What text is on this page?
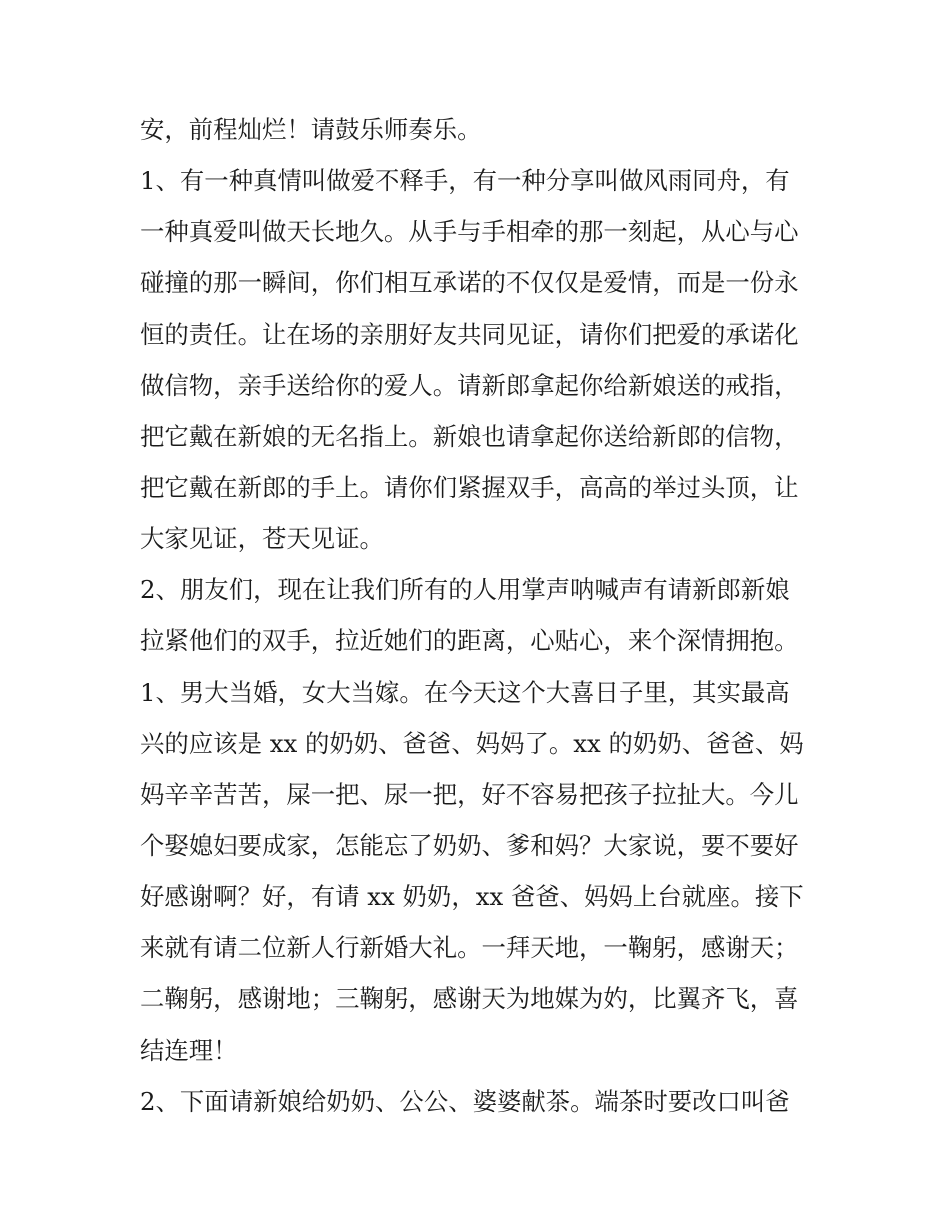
安，前程灿烂！请鼓乐师奏乐。
1、有一种真情叫做爱不释手，有一种分享叫做风雨同舟，有
一种真爱叫做天长地久。从手与手相牵的那一刻起，从心与心
碰撞的那一瞬间，你们相互承诺的不仅仅是爱情，而是一份永
恒的责任。让在场的亲朋好友共同见证，请你们把爱的承诺化
做信物，亲手送给你的爱人。请新郎拿起你给新娘送的戒指，
把它戴在新娘的无名指上。新娘也请拿起你送给新郎的信物，
把它戴在新郎的手上。请你们紧握双手，高高的举过头顶，让
大家见证，苍天见证。
2、朋友们，现在让我们所有的人用掌声呐喊声有请新郎新娘
拉紧他们的双手，拉近她们的距离，心贴心，来个深情拥抱。
1、男大当婚，女大当嫁。在今天这个大喜日子里，其实最高
兴的应该是 xx 的奶奶、爸爸、妈妈了。xx 的奶奶、爸爸、妈
妈辛辛苦苦，屎一把、尿一把，好不容易把孩子拉扯大。今儿
个娶媳妇要成家，怎能忘了奶奶、爹和妈？大家说，要不要好
好感谢啊？好，有请 xx 奶奶，xx 爸爸、妈妈上台就座。接下
来就有请二位新人行新婚大礼。一拜天地，一鞠躬，感谢天；
二鞠躬，感谢地；三鞠躬，感谢天为地媒为妁，比翼齐飞，喜
结连理！
2、下面请新娘给奶奶、公公、婆婆献茶。端茶时要改口叫爸
